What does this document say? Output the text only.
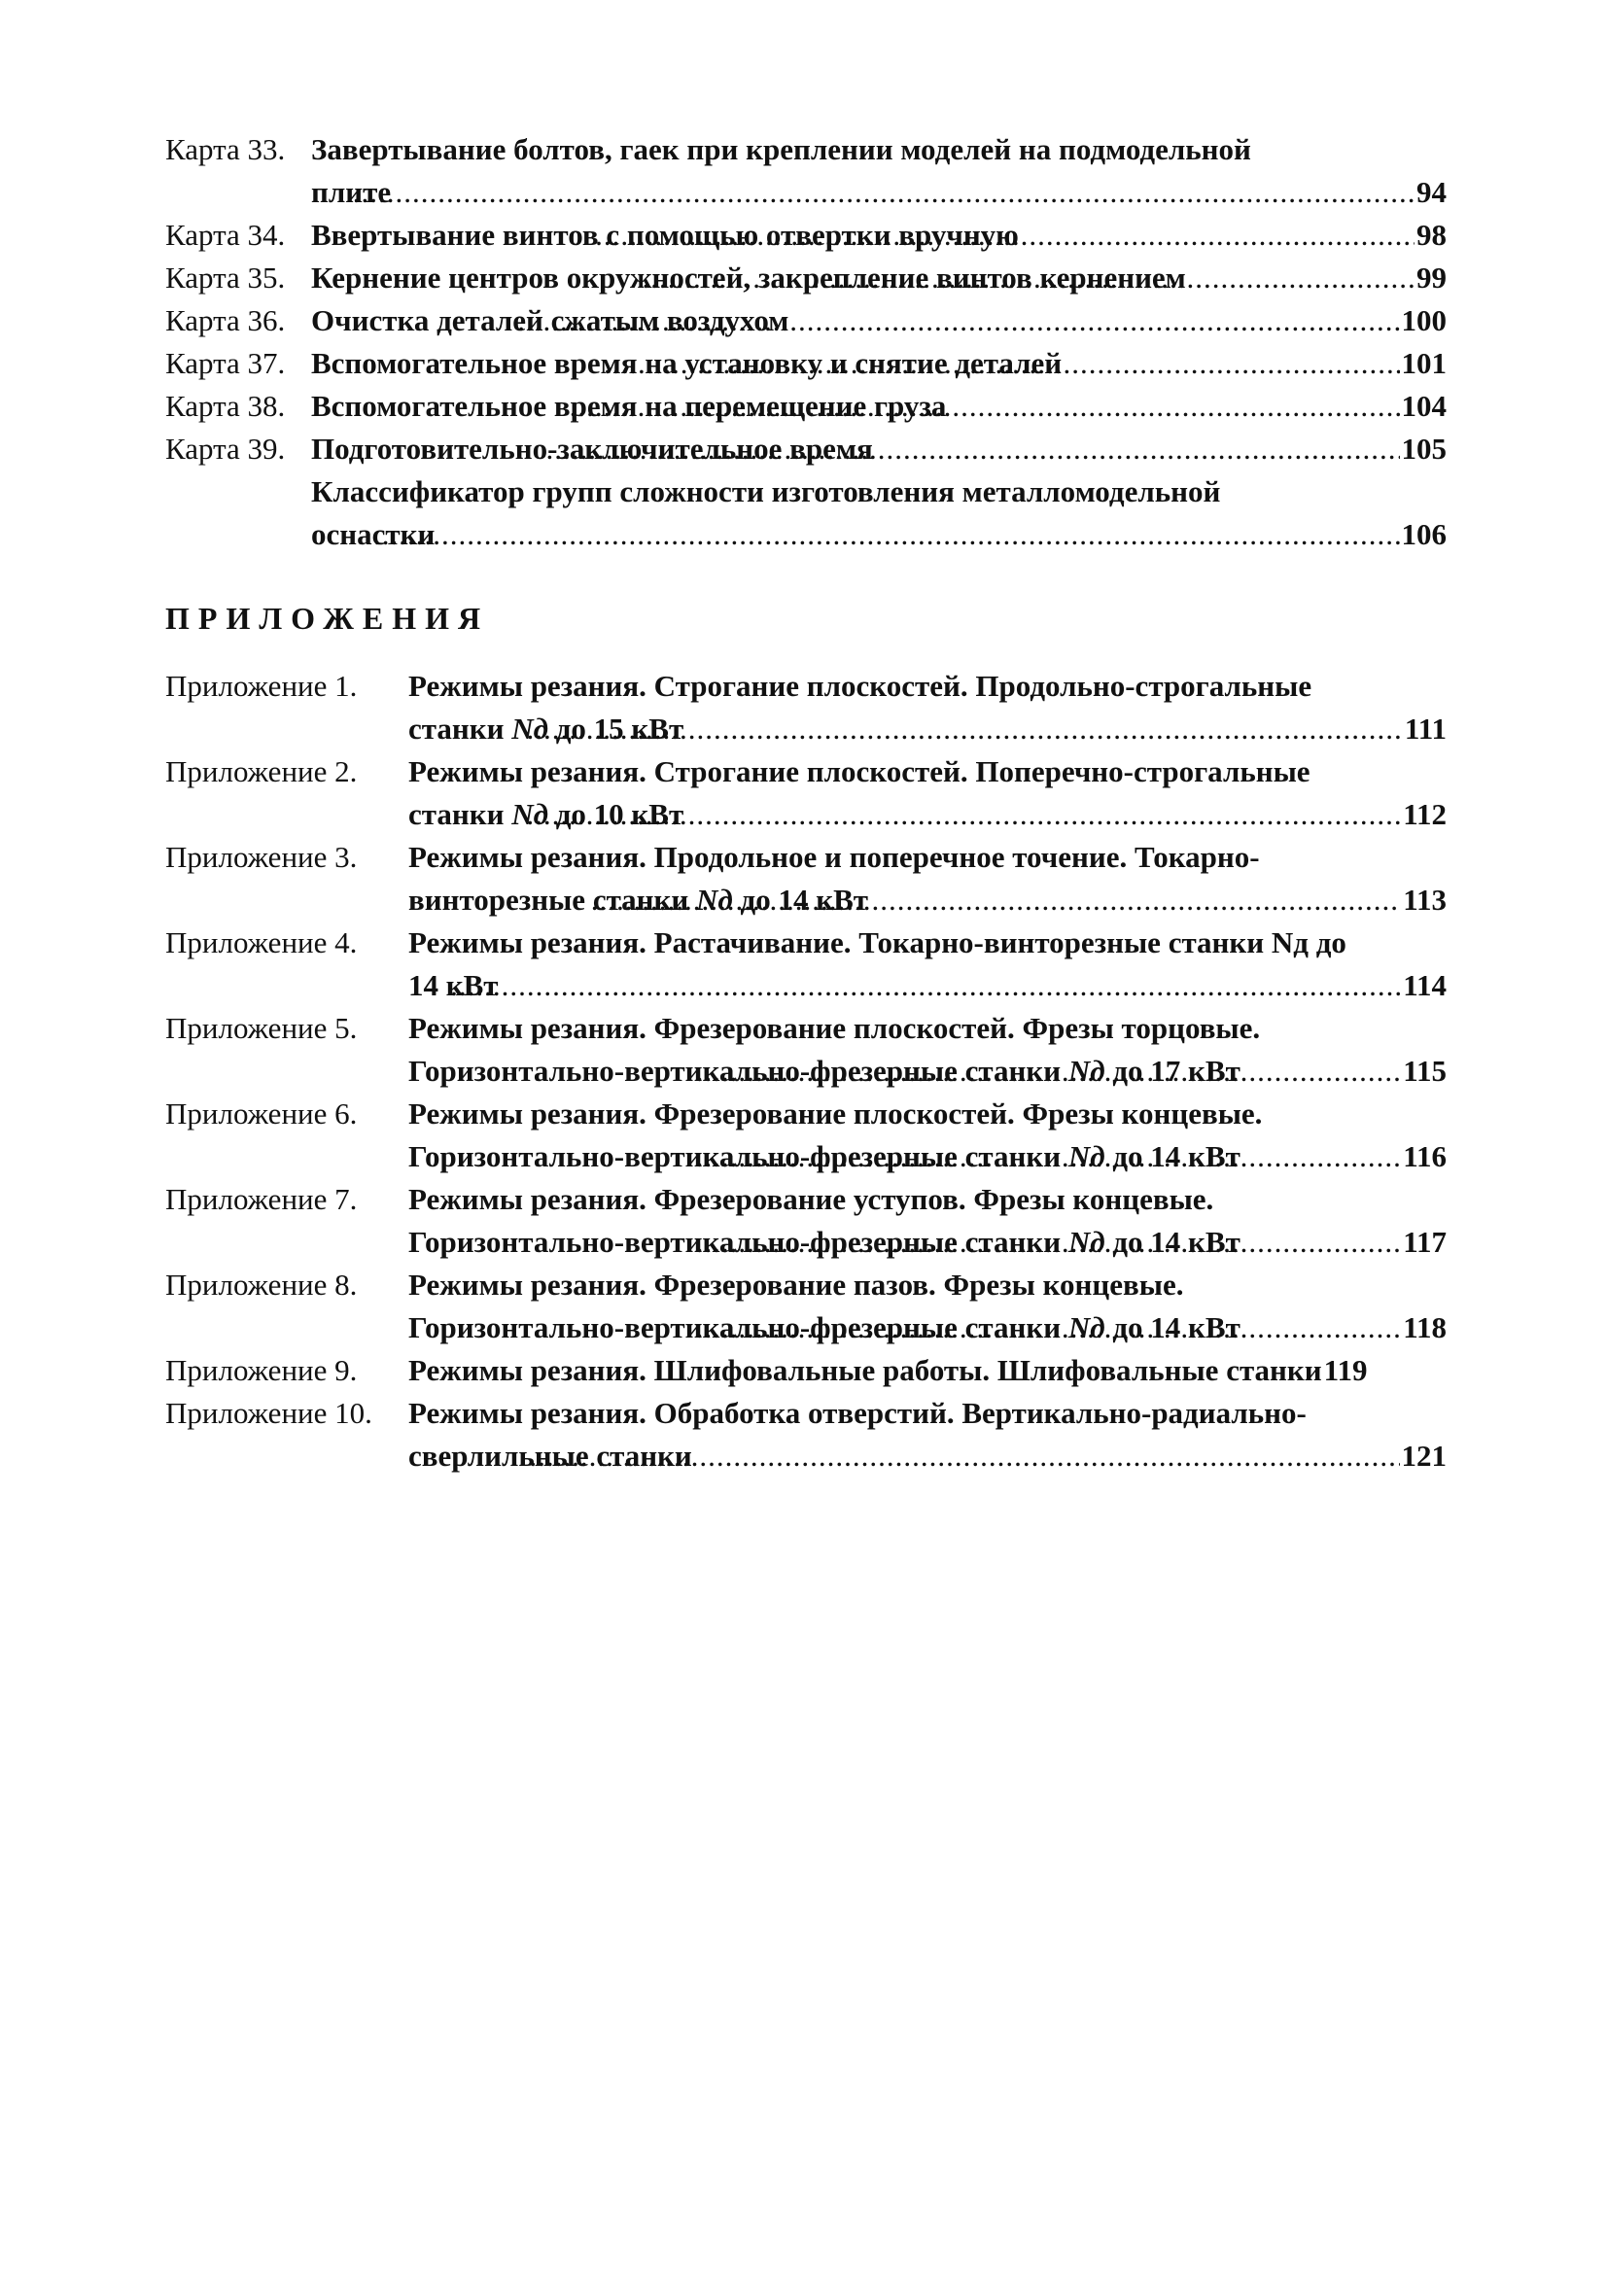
Карта 33. Завертывание болтов, гаек при креплении моделей на подмодельной
плите .....	94
Карта 34. Ввертывание винтов с помощью отвертки вручную .....	98
Карта 35. Кернение центров окружностей, закрепление винтов кернением .....	99
Карта 36. Очистка деталей сжатым воздухом .....	100
Карта 37. Вспомогательное время на установку и снятие деталей .....	101
Карта 38. Вспомогательное время на перемещение груза .....	104
Карта 39. Подготовительно-заключительное время .....	105
Классификатор групп сложности изготовления металломодельной
оснастки .....	106
ПРИЛОЖЕНИЯ
Приложение 1.	Режимы резания. Строгание плоскостей. Продольно-строгальные
станки Nд до 15 кВт .....	111
Приложение 2.	Режимы резания. Строгание плоскостей. Поперечно-строгальные
станки Nд до 10 кВт .....	112
Приложение 3.	Режимы резания. Продольное и поперечное точение. Токарно-
винторезные станки Nд до 14 кВт .....	113
Приложение 4.	Режимы резания. Растачивание. Токарно-винторезные станки Nд до
14 кВт .....	114
Приложение 5.	Режимы резания. Фрезерование плоскостей. Фрезы торцовые.
Горизонтально-вертикально-фрезерные станки Nд до 17 кВт .....	115
Приложение 6.	Режимы резания. Фрезерование плоскостей. Фрезы концевые.
Горизонтально-вертикально-фрезерные станки Nд до 14 кВт .....	116
Приложение 7.	Режимы резания. Фрезерование уступов. Фрезы концевые.
Горизонтально-вертикально-фрезерные станки Nд до 14 кВт .....	117
Приложение 8.	Режимы резания. Фрезерование пазов. Фрезы концевые.
Горизонтально-вертикально-фрезерные станки Nд до 14 кВт .....	118
Приложение 9.	Режимы резания. Шлифовальные работы. Шлифовальные станки 119
Приложение 10.	Режимы резания. Обработка отверстий. Вертикально-радиально-
сверлильные станки .....	121
